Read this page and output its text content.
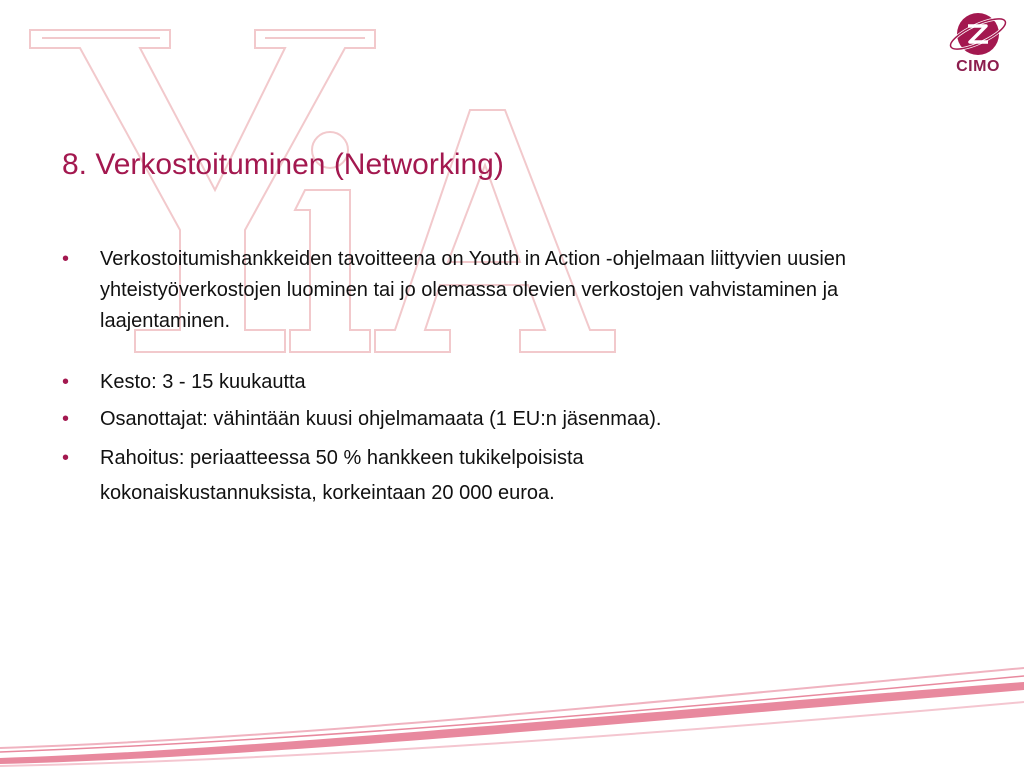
CIMO
8. Verkostoituminen (Networking)
• Verkostoitumishankkeiden tavoitteena on Youth in Action -ohjelmaan liittyvien uusien yhteistyöverkostojen luominen tai jo olemassa olevien verkostojen vahvistaminen ja laajentaminen.
• Kesto: 3 - 15 kuukautta
• Osanottajat: vähintään kuusi ohjelmamaata (1 EU:n jäsenmaa).
• Rahoitus: periaatteessa 50 % hankkeen tukikelpoisista kokonaiskustannuksista, korkeintaan 20 000 euroa.
